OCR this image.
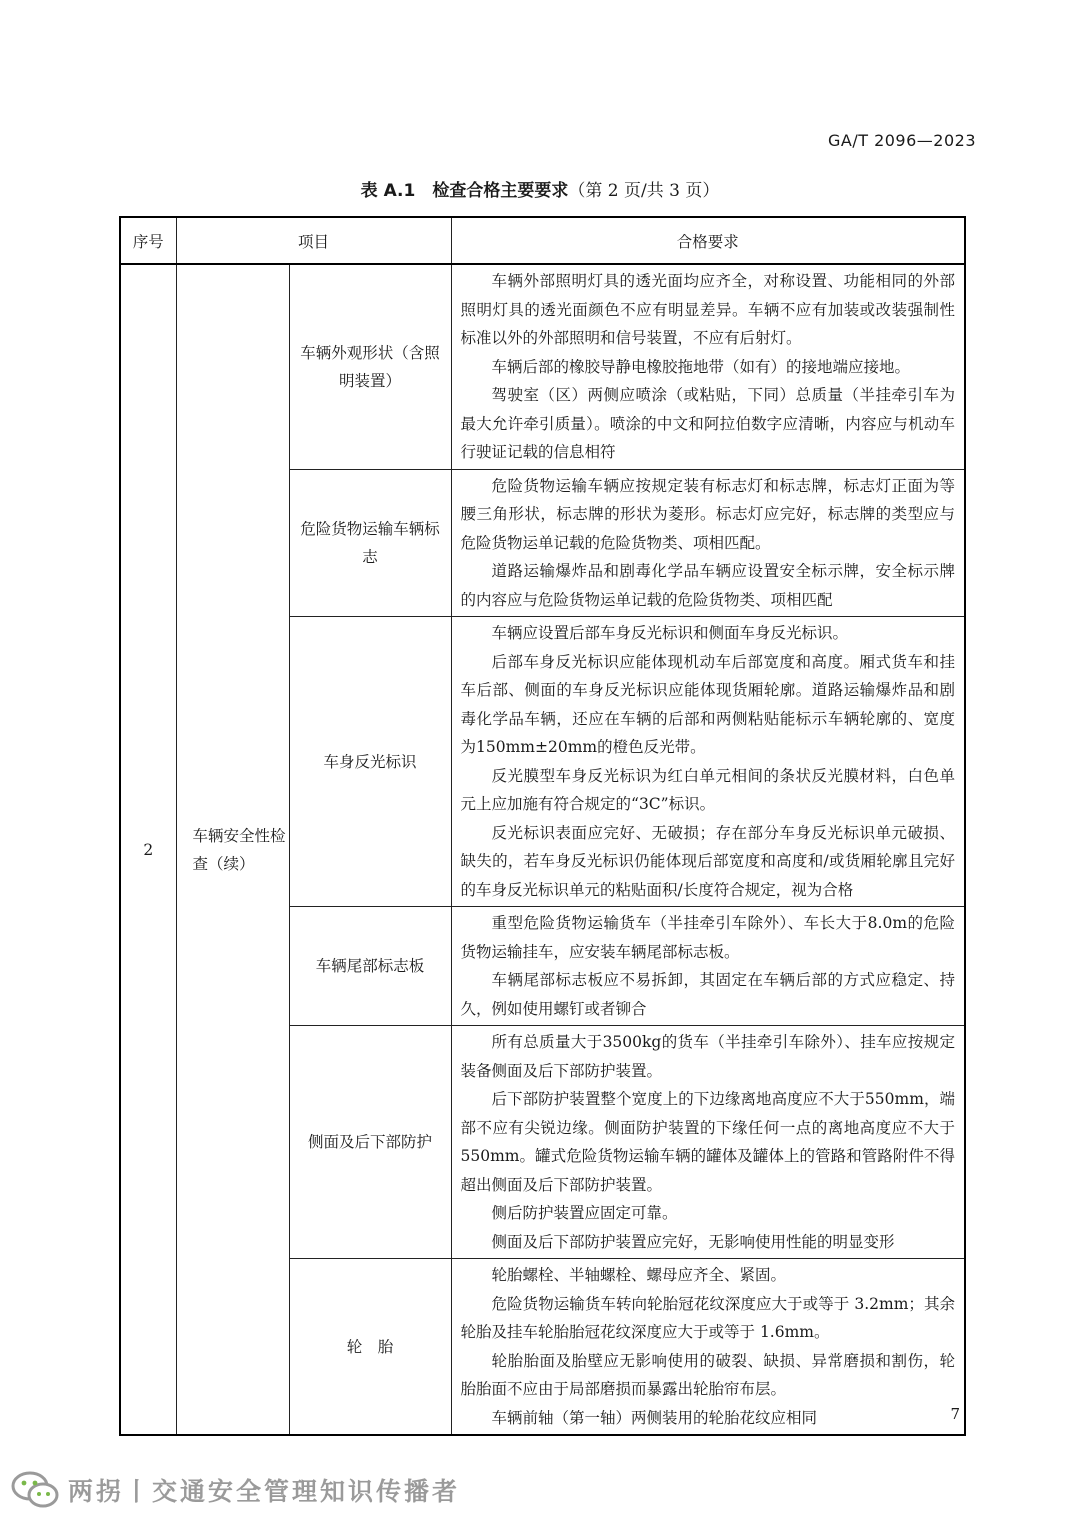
GA/T 2096—2023
表 A.1　检查合格主要要求（第 2 页/共 3 页）
序号	项目		合格要求
2	车辆安全性检查（续）	车辆外观形状（含照明装置）	车辆外部照明灯具的透光面均应齐全，对称设置、功能相同的外部照明灯具的透光面颜色不应有明显差异。车辆不应有加装或改装强制性标准以外的外部照明和信号装置，不应有后射灯。

车辆后部的橡胶导静电橡胶拖地带（如有）的接地端应接地。

驾驶室（区）两侧应喷涂（或粘贴，下同）总质量（半挂牵引车为最大允许牵引质量）。喷涂的中文和阿拉伯数字应清晰，内容应与机动车行驶证记载的信息相符

		危险货物运输车辆标志	危险货物运输车辆应按规定装有标志灯和标志牌，标志灯正面为等腰三角形状，标志牌的形状为菱形。标志灯应完好，标志牌的类型应与危险货物运单记载的危险货物类、项相匹配。

道路运输爆炸品和剧毒化学品车辆应设置安全标示牌，安全标示牌的内容应与危险货物运单记载的危险货物类、项相匹配

		车身反光标识	车辆应设置后部车身反光标识和侧面车身反光标识。

后部车身反光标识应能体现机动车后部宽度和高度。厢式货车和挂车后部、侧面的车身反光标识应能体现货厢轮廓。道路运输爆炸品和剧毒化学品车辆，还应在车辆的后部和两侧粘贴能标示车辆轮廓的、宽度为150mm±20mm的橙色反光带。

反光膜型车身反光标识为红白单元相间的条状反光膜材料，白色单元上应加施有符合规定的“3C”标识。

反光标识表面应完好、无破损；存在部分车身反光标识单元破损、缺失的，若车身反光标识仍能体现后部宽度和高度和/或货厢轮廓且完好的车身反光标识单元的粘贴面积/长度符合规定，视为合格

		车辆尾部标志板	重型危险货物运输货车（半挂牵引车除外）、车长大于8.0m的危险货物运输挂车，应安装车辆尾部标志板。

车辆尾部标志板应不易拆卸，其固定在车辆后部的方式应稳定、持久，例如使用螺钉或者铆合

		侧面及后下部防护	所有总质量大于3500kg的货车（半挂牵引车除外）、挂车应按规定装备侧面及后下部防护装置。

后下部防护装置整个宽度上的下边缘离地高度应不大于550mm，端部不应有尖锐边缘。侧面防护装置的下缘任何一点的离地高度应不大于550mm。罐式危险货物运输车辆的罐体及罐体上的管路和管路附件不得超出侧面及后下部防护装置。

侧后防护装置应固定可靠。

侧面及后下部防护装置应完好，无影响使用性能的明显变形

		轮　胎	轮胎螺栓、半轴螺栓、螺母应齐全、紧固。

危险货物运输货车转向轮胎冠花纹深度应大于或等于 3.2mm；其余轮胎及挂车轮胎胎冠花纹深度应大于或等于 1.6mm。

轮胎胎面及胎壁应无影响使用的破裂、缺损、异常磨损和割伤，轮胎胎面不应由于局部磨损而暴露出轮胎帘布层。

车辆前轴（第一轴）两侧装用的轮胎花纹应相同	7
两拐丨交通安全管理知识传播者
